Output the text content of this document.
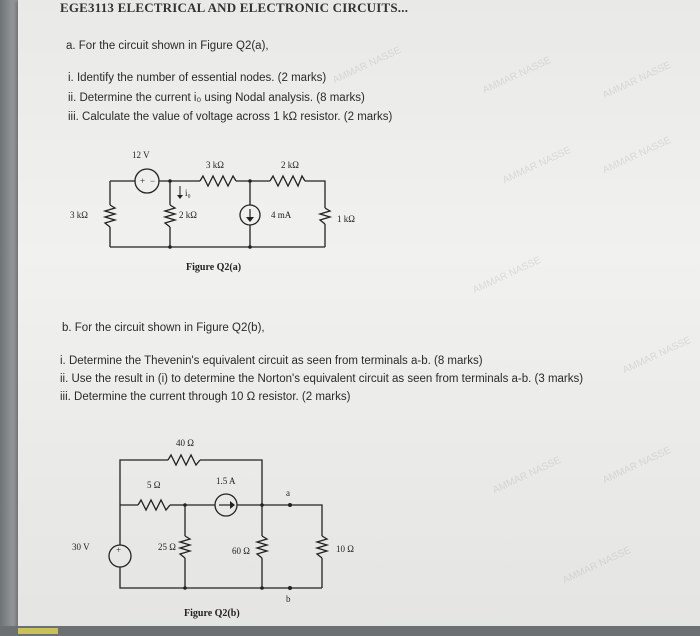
AMMAR NASSE	AMMAR NASSE	AMMAR NASSE
AMMAR NASSE	AMMAR NASSE
AMMAR NASSE
AMMAR NASSE
AMMAR NASSE	AMMAR NASSE
AMMAR NASSE
EGE3113 ELECTRICAL AND ELECTRONIC CIRCUITS...
a. For the circuit shown in Figure Q2(a),
i. Identify the number of essential nodes. (2 marks)
ii. Determine the current i₀ using Nodal analysis. (8 marks)
iii. Calculate the value of voltage across 1 kΩ resistor. (2 marks)
+ −
12 V
3 kΩ
3 kΩ	2 kΩ
2 kΩ	4 mA	1 kΩ
i₀
Figure Q2(a)
b. For the circuit shown in Figure Q2(b),
i. Determine the Thevenin's equivalent circuit as seen from terminals a-b. (8 marks)
ii. Use the result in (i) to determine the Norton's equivalent circuit as seen from terminals a-b. (3 marks)
iii. Determine the current through 10 Ω resistor. (2 marks)
+
40 Ω
5 Ω	1.5 A
30 V	25 Ω	60 Ω	10 Ω
a
b
Figure Q2(b)
